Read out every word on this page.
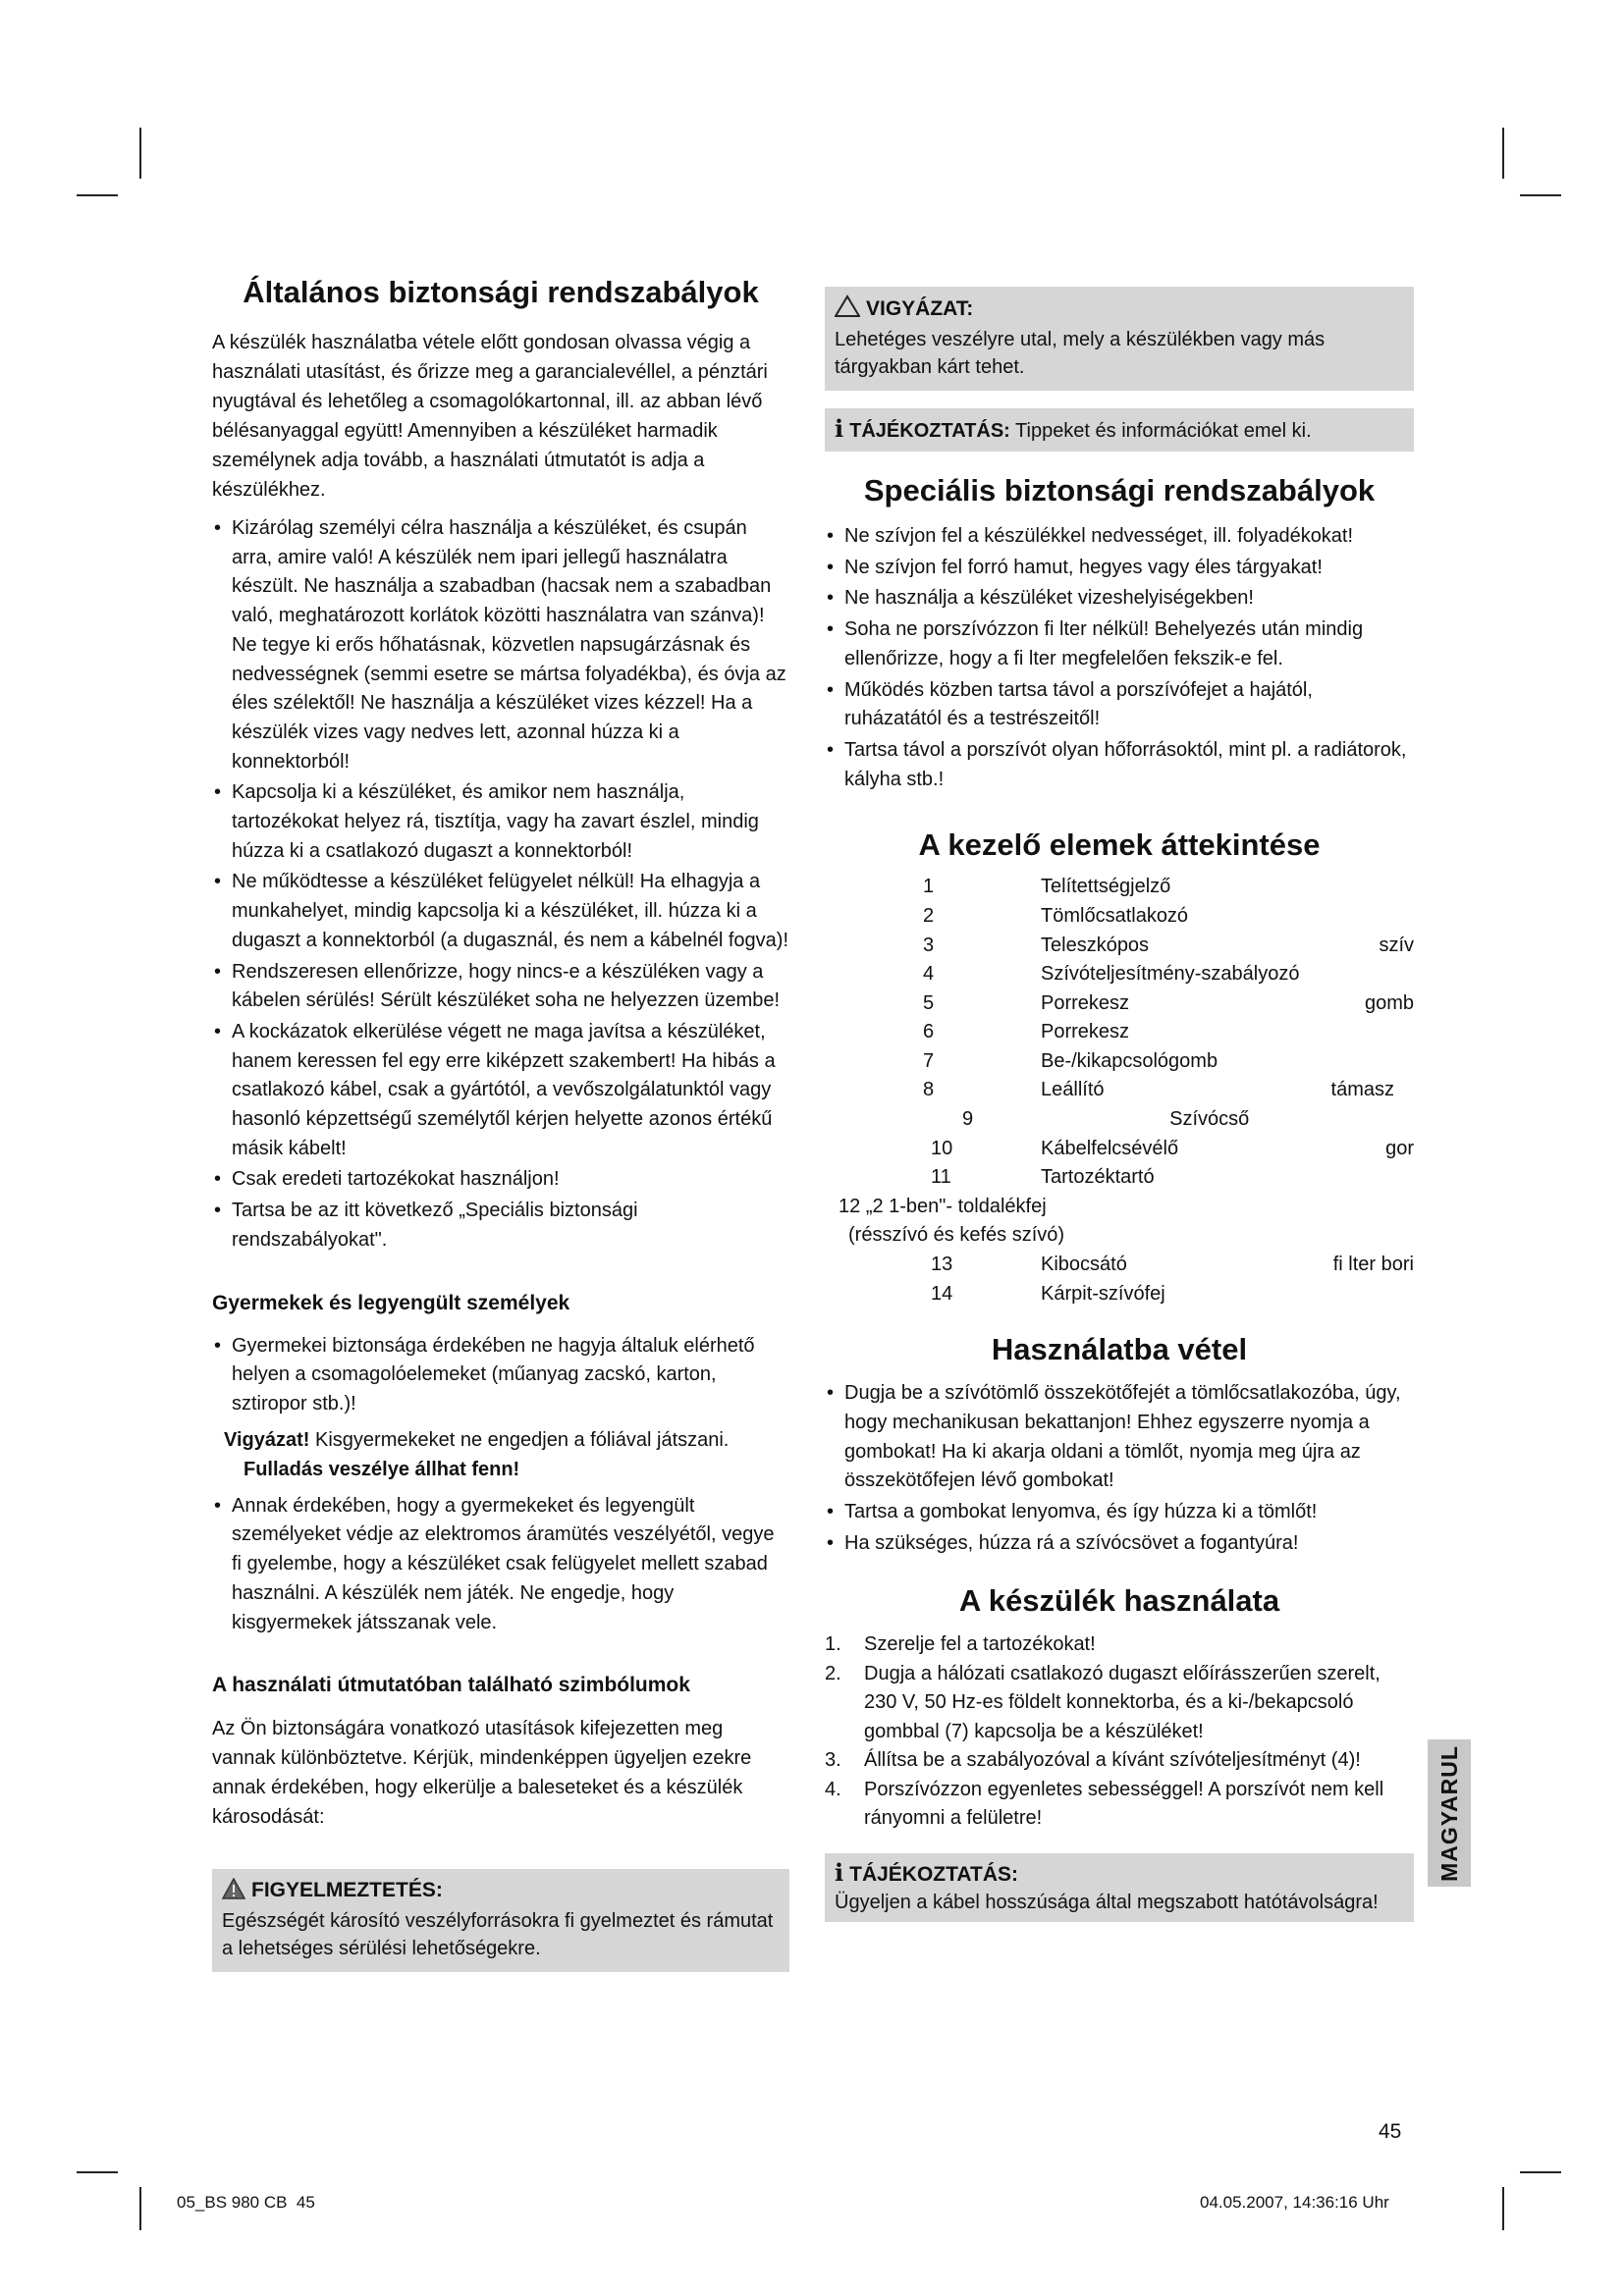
Általános biztonsági rendszabályok

A készülék használatba vétele előtt gondosan olvassa végig a használati utasítást, és őrizze meg a garancialevéllel, a pénztári nyugtával és lehetőleg a csomagolókartonnal, ill. az abban lévő bélésanyaggal együtt! Amennyiben a készüléket harmadik személynek adja tovább, a használati útmutatót is adja a készülékhez.

• Kizárólag személyi célra használja a készüléket, és csupán arra, amire való! A készülék nem ipari jellegű használatra készült. Ne használja a szabadban (hacsak nem a szabadban való, meghatározott korlátok közötti használatra van szánva)! Ne tegye ki erős hőhatásnak, közvetlen napsugárzásnak és nedvességnek (semmi esetre se mártsa folyadékba), és óvja az éles szélektől! Ne használja a készüléket vizes kézzel! Ha a készülék vizes vagy nedves lett, azonnal húzza ki a konnektorból!
• Kapcsolja ki a készüléket, és amikor nem használja, tartozékokat helyez rá, tisztítja, vagy ha zavart észlel, mindig húzza ki a csatlakozó dugaszt a konnektorból!
• Ne működtesse a készüléket felügyelet nélkül! Ha elhagyja a munkahelyet, mindig kapcsolja ki a készüléket, ill. húzza ki a dugaszt a konnektorból (a dugasznál, és nem a kábelnél fogva)!
• Rendszeresen ellenőrizze, hogy nincs-e a készüléken vagy a kábelen sérülés! Sérült készüléket soha ne helyezzen üzembe!
• A kockázatok elkerülése végett ne maga javítsa a készüléket, hanem keressen fel egy erre kiképzett szakembert! Ha hibás a csatlakozó kábel, csak a gyártótól, a vevőszolgálatunktól vagy hasonló képzettségű személytől kérjen helyette azonos értékű másik kábelt!
• Csak eredeti tartozékokat használjon!
• Tartsa be az itt következő „Speciális biztonsági rendszabályokat".
Gyermekek és legyengült személyek
• Gyermekei biztonsága érdekében ne hagyja általuk elérhető helyen a csomagolóelemeket (műanyag zacskó, karton, sztiropor stb.)!

Vigyázat! Kisgyermekeket ne engedjen a fóliával játszani.
Fulladás veszélye állhat fenn!

• Annak érdekében, hogy a gyermekeket és legyengült személyeket védje az elektromos áramütés veszélyétől, vegye fi gyelembe, hogy a készüléket csak felügyelet mellett szabad használni. A készülék nem játék. Ne engedje, hogy kisgyermekek játsszanak vele.
A használati útmutatóban található szimbólumok

Az Ön biztonságára vonatkozó utasítások kifejezetten meg vannak különböztetve. Kérjük, mindenképpen ügyeljen ezekre annak érdekében, hogy elkerülje a baleseteket és a készülék károsodását:

FIGYELMEZTETÉS:
Egészségét károsító veszélyforrásokra fi gyelmeztet és rámutat a lehetséges sérülési lehetőségekre.
VIGYÁZAT:
Lehetéges veszélyre utal, mely a készülékben vagy más tárgyakban kárt tehet.
i TÁJÉKOZTATÁS: Tippeket és információkat emel ki.
Speciális biztonsági rendszabályok
• Ne szívjon fel a készülékkel nedvességet, ill. folyadékokat!
• Ne szívjon fel forró hamut, hegyes vagy éles tárgyakat!
• Ne használja a készüléket vizeshelyiségekben!
• Soha ne porszívózzon fi lter nélkül! Behelyezés után mindig ellenőrizze, hogy a fi lter megfelelően fekszik-e fel.
• Működés közben tartsa távol a porszívófejet a hajától, ruházatától és a testrészeitől!
• Tartsa távol a porszívót olyan hőforrásoktól, mint pl. a radiátorok, kályha stb.!
A kezelő elemek áttekintése
	1	Telítettségjelző	
	2	Tömlőcsatlakozó	
	3	Teleszkópos	szív
	4	Szívóteljesítmény-szabályozó	
	5	Porrekesz	gomb
	6	Porrekesz	
	7	Be-/kikapcsológomb	
	8	Leállító	támasz
	9 Szívócső		
	10	Kábelfelcsévélő	gor
	11	Tartozéktartó	
12 „2 1-ben"- toldalékfej			
(résszívó és kefés szívó)			
	13	Kibocsátó	fi lter bori
	14	Kárpit-szívófej	
Használatba vétel
• Dugja be a szívótömlő összekötőfejét a tömlőcsatlakozóba, úgy, hogy mechanikusan bekattanjon! Ehhez egyszerre nyomja a gombokat! Ha ki akarja oldani a tömlőt, nyomja meg újra az összekötőfejen lévő gombokat!
• Tartsa a gombokat lenyomva, és így húzza ki a tömlőt!
• Ha szükséges, húzza rá a szívócsövet a fogantyúra!
A készülék használata
1. Szerelje fel a tartozékokat!
2. Dugja a hálózati csatlakozó dugaszt előírásszerűen szerelt, 230 V, 50 Hz-es földelt konnektorba, és a ki-/bekapcsoló gombbal (7) kapcsolja be a készüléket!
3. Állítsa be a szabályozóval a kívánt szívóteljesítményt (4)!
4. Porszívózzon egyenletes sebességgel! A porszívót nem kell rányomni a felületre!
i TÁJÉKOZTATÁS:
Ügyeljen a kábel hosszúsága által megszabott hatótávolságra!
MAGYARUL
45
05_BS 980 CB  45	04.05.2007, 14:36:16 Uhr
